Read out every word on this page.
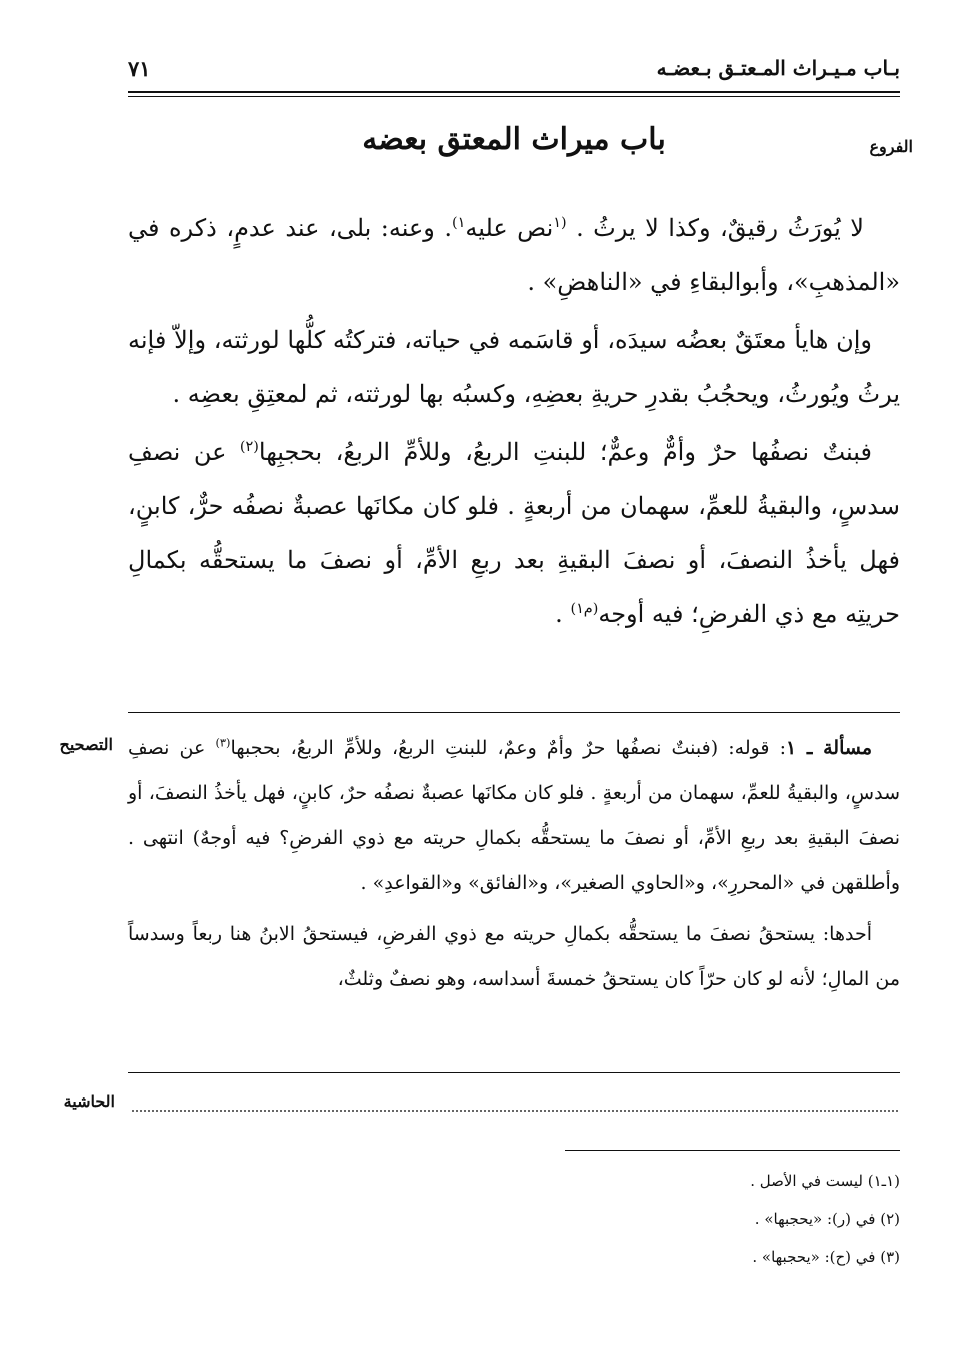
بـاب مـيـراث المـعتـق بـعضـه
٧١
الفروع
التصحيح
الحاشية
باب ميراث المعتق بعضه

لا يُورَثُ رقيقٌ، وكذا لا يرثُ . $^{(١}$نص عليه$^{١)}$. وعنه: بلى، عند عدمٍ، ذكره في «المذهبِ»، وأبوالبقاءِ في «الناهضِ» .

وإن هايأ معتَقٌ بعضُه سيدَه، أو قاسَمه في حياته، فتركتُه كلُّها لورثته، وإلاّ فإنه يرثُ ويُورثُ، ويحجُبُ بقدرِ حريةِ بعضِهِ، وكسبُه بها لورثته، ثم لمعتِقِ بعضِه .

فبنتٌ نصفُها حرٌ وأمٌّ وعمٌّ؛ للبنتِ الربعُ، وللأمِّ الربعُ، بحجبِها$^{(٢)}$ عن نصفِ سدسٍ، والبقيةُ للعمِّ، سهمان من أربعةٍ . فلو كان مكانَها عصبةٌ نصفُه حرٌّ، كابنٍ، فهل يأخذُ النصفَ، أو نصفَ البقيةِ بعد ربعِ الأمِّ، أو نصفَ ما يستحقُّه بكمالِ حريتِه مع ذي الفرضِ؛ فيه أوجه$^{(م١)}$ .

مسألة ـ ١: قوله: (فبنتٌ نصفُها حرٌ وأمٌ وعمٌ، للبنتِ الربعُ، وللأمِّ الربعُ، بحجبها$^{(٣)}$ عن نصفِ سدسٍ، والبقيةُ للعمِّ، سهمان من أربعةٍ . فلو كان مكانَها عصبةٌ نصفُه حرٌ، كابنٍ، فهل يأخذُ النصفَ، أو نصفَ البقيةِ بعد ربعِ الأمِّ، أو نصفَ ما يستحقُّه بكمالِ حريته مع ذوي الفرضِ؟ فيه أوجهٌ) انتهى . وأطلقهن في «المحررِ»، و«الحاوي الصغير»، و«الفائق» و«القواعدِ» .

أحدها: يستحقُ نصفَ ما يستحقُّه بكمالِ حريته مع ذوي الفرضِ، فيستحقُ الابنُ هنا ربعاً وسدساً من المالِ؛ لأنه لو كان حرّاً كان يستحقُ خمسةَ أسداسه، وهو نصفٌ وثلثٌ،

(١ـ١) ليست في الأصل .
(٢) في (ر): «يحجبها» .
(٣) في (ح): «يحجبها» .
